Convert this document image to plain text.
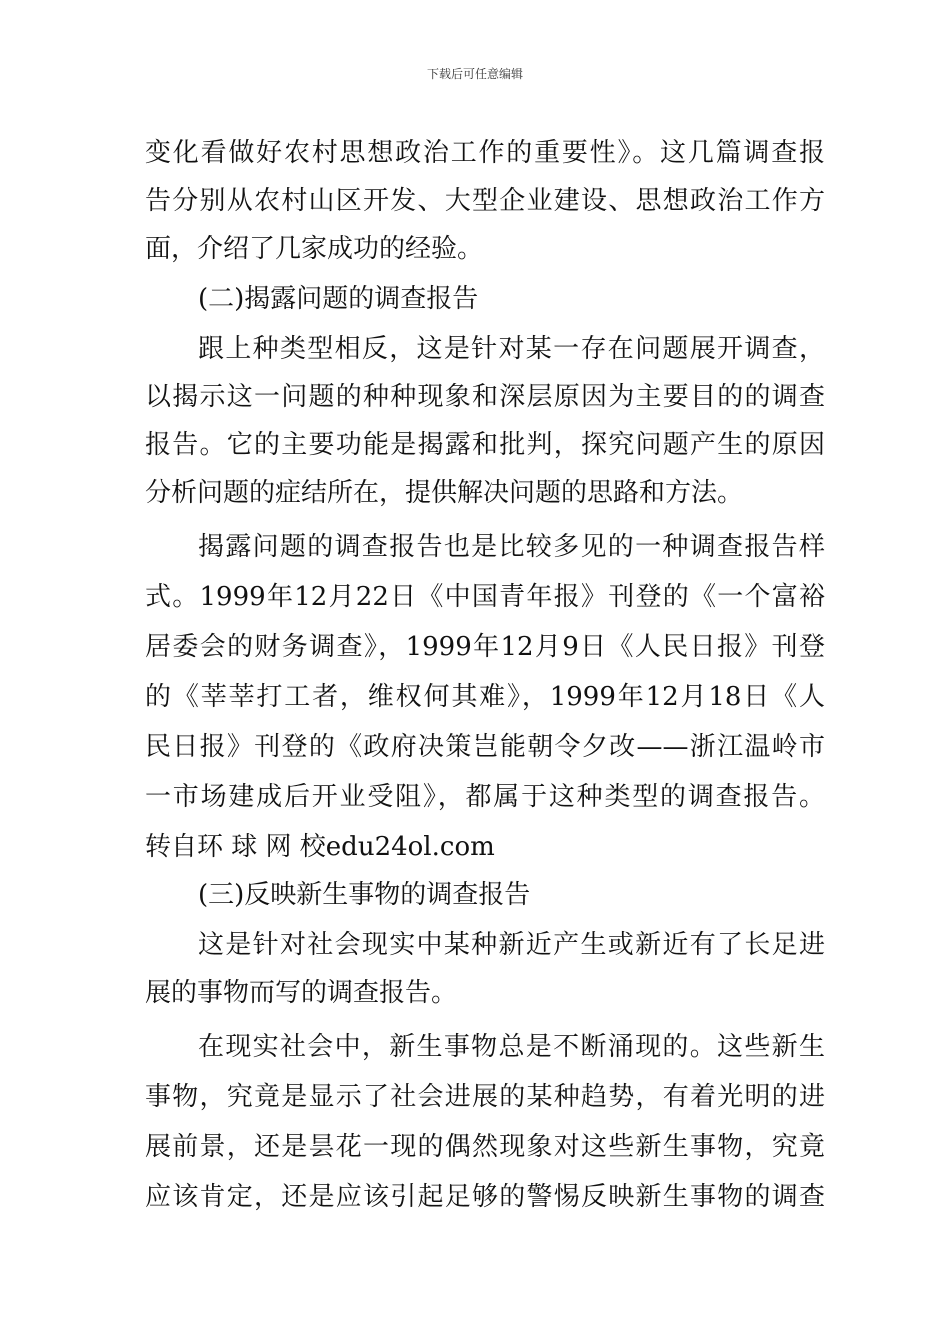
下载后可任意编辑
变化看做好农村思想政治工作的重要性》。这几篇调查报
告分别从农村山区开发、大型企业建设、思想政治工作方
面，介绍了几家成功的经验。
(二)揭露问题的调查报告
跟上种类型相反，这是针对某一存在问题展开调查，
以揭示这一问题的种种现象和深层原因为主要目的的调查
报告。它的主要功能是揭露和批判，探究问题产生的原因
分析问题的症结所在，提供解决问题的思路和方法。
揭露问题的调查报告也是比较多见的一种调查报告样
式。1999年12月22日《中国青年报》刊登的《一个富裕
居委会的财务调查》，1999年12月9日《人民日报》刊登
的《莘莘打工者，维权何其难》，1999年12月18日《人
民日报》刊登的《政府决策岂能朝令夕改——浙江温岭市
一市场建成后开业受阻》，都属于这种类型的调查报告。
转自环 球 网 校edu24ol.com
(三)反映新生事物的调查报告
这是针对社会现实中某种新近产生或新近有了长足进
展的事物而写的调查报告。
在现实社会中，新生事物总是不断涌现的。这些新生
事物，究竟是显示了社会进展的某种趋势，有着光明的进
展前景，还是昙花一现的偶然现象对这些新生事物，究竟
应该肯定，还是应该引起足够的警惕反映新生事物的调查
